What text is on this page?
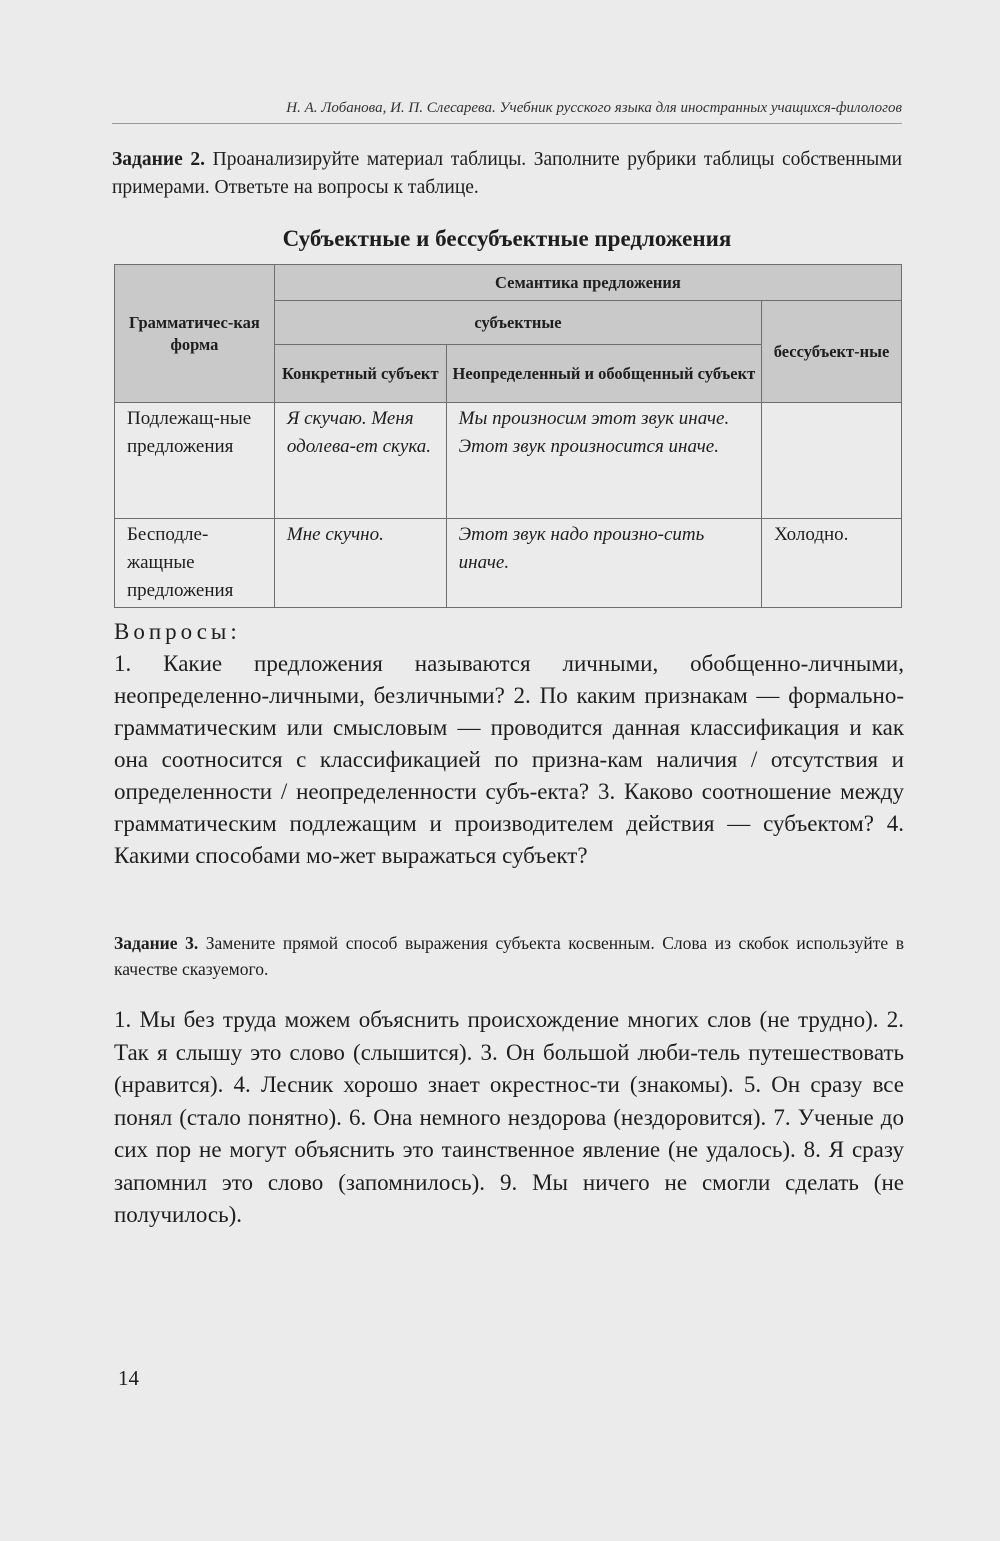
Н. А. Лобанова, И. П. Слесарева. Учебник русского языка для иностранных учащихся-филологов
Задание 2. Проанализируйте материал таблицы. Заполните рубрики таблицы собственными примерами. Ответьте на вопросы к таблице.
Субъектные и бессубъектные предложения
Грамматичес-кая форма	Семантика предложения		
	субъектные		бессубъект-ные
	Конкретный субъект	Неопределенный и обобщенный субъект	
Подлежащ-ные предложения	Я скучаю. Меня одолева-ет скука.	Мы произносим этот звук иначе.
Этот звук произносится иначе.	

Бесподле-жащные предложения	Мне скучно.	Этот звук надо произно-сить иначе.	Холодно.
Вопросы:
1. Какие предложения называются личными, обобщенно-личными, неопределенно-личными, безличными? 2. По каким признакам — формально-грамматическим или смысловым — проводится данная классификация и как она соотносится с классификацией по призна-кам наличия / отсутствия и определенности / неопределенности субъ-екта? 3. Каково соотношение между грамматическим подлежащим и производителем действия — субъектом? 4. Какими способами мо-жет выражаться субъект?
Задание 3. Замените прямой способ выражения субъекта косвенным. Слова из скобок используйте в качестве сказуемого.
1. Мы без труда можем объяснить происхождение многих слов (не трудно). 2. Так я слышу это слово (слышится). 3. Он большой люби-тель путешествовать (нравится). 4. Лесник хорошо знает окрестнос-ти (знакомы). 5. Он сразу все понял (стало понятно). 6. Она немного нездорова (нездоровится). 7. Ученые до сих пор не могут объяснить это таинственное явление (не удалось). 8. Я сразу запомнил это слово (запомнилось). 9. Мы ничего не смогли сделать (не получилось).
14
